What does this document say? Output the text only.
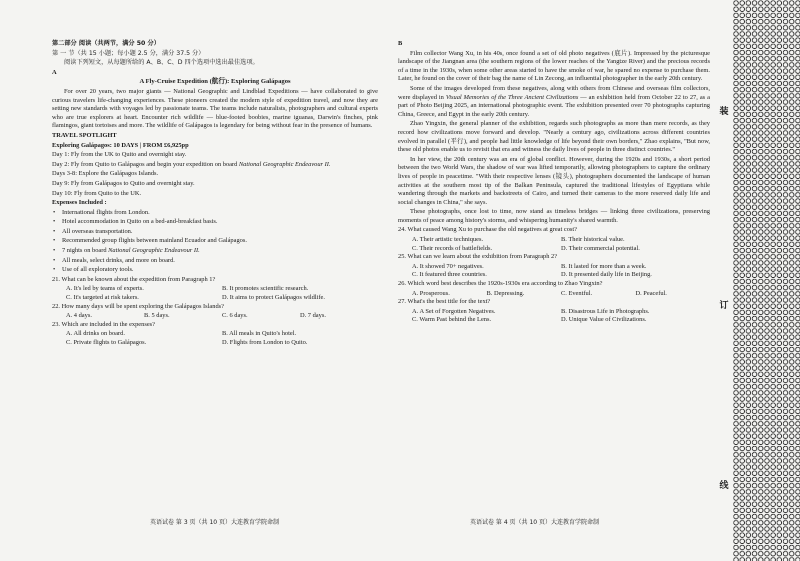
第二部分 阅读（共两节，满分 50 分）

第 一 节（共 15 小题；每小题 2.5 分，满分 37.5 分）

阅读下列短文，从每题所给的 A、B、C、D 四个选项中选出最佳选项。

A

A Fly-Cruise Expedition (航行): Exploring Galápagos

For over 20 years, two major giants — National Geographic and Lindblad Expeditions — have collaborated to give curious travelers life-changing experiences. These pioneers created the modern style of expedition travel, and now they are setting new standards with voyages led by passionate teams. The teams include naturalists, photographers and cultural experts who are true explorers at heart. Encounter rich wildlife — blue-footed boobies, marine iguanas, Darwin's finches, pink flamingos, giant tortoises and more. The wildlife of Galápagos is legendary for being without fear in the presence of humans.

TRAVEL SPOTLIGHT

Exploring Galápagos: 10 DAYS | FROM £6,925pp

Day 1: Fly from the UK to Quito and overnight stay.

Day 2: Fly from Quito to Galápagos and begin your expedition on board National Geographic Endeavour II.

Days 3-8: Explore the Galápagos Islands.

Day 9: Fly from Galápagos to Quito and overnight stay.

Day 10: Fly from Quito to the UK.

Expenses Included :

• International flights from London.

• Hotel accommodation in Quito on a bed-and-breakfast basis.

• All overseas transportation.

• Recommended group flights between mainland Ecuador and Galápagos.

• 7 nights on board National Geographic Endeavour II.

• All meals, select drinks, and more on board.

• Use of all exploratory tools.

21. What can be known about the expedition from Paragraph 1?

A. It's led by teams of experts.	B. It promotes scientific research.
C. It's targeted at risk takers.	D. It aims to protect Galápagos wildlife.

22. How many days will be spent exploring the Galápagos Islands?

A. 4 days.	B. 5 days.	C. 6 days.	D. 7 days.

23. Which are included in the expenses?

A. All drinks on board.	B. All meals in Quito's hotel.
C. Private flights to Galápagos.	D. Flights from London to Quito.

B

Film collector Wang Xu, in his 40s, once found a set of old photo negatives (底片). Impressed by the picturesque landscape of the Jiangnan area (the southern regions of the lower reaches of the Yangtze River) and the precious records of a time in the 1930s, when some other areas started to have the smoke of war, he spared no expense to purchase them. Later, he found on the cover of their bag the name of Lin Zecong, an influential photographer in the early 20th century.

Some of the images developed from these negatives, along with others from Chinese and overseas film collectors, were displayed in Visual Memories of the Three Ancient Civilizations — an exhibition held from October 22 to 27, as a part of Photo Beijing 2025, an international photographic event. The exhibition presented over 70 photographs capturing China, Greece, and Egypt in the early 20th century.

Zhao Yingxin, the general planner of the exhibition, regards such photographs as more than mere records, as they record how civilizations move forward and develop. "Nearly a century ago, civilizations across different countries evolved in parallel (平行), and people had little knowledge of life beyond their own borders," Zhao explains, "But now, these old photos enable us to revisit that era and witness the daily lives of people in three distinct countries."

In her view, the 20th century was an era of global conflict. However, during the 1920s and 1930s, a short period between the two World Wars, the shadow of war was lifted temporarily, allowing photographers to capture the ordinary lives of people in peacetime. "With their respective lenses (镜头), photographers documented the landscape of human activities at the southern most tip of the Balkan Peninsula, captured the traditional lifestyles of Egyptians while wandering through the markets and backstreets of Cairo, and turned their cameras to the more reserved daily life and social changes in China," she says.

These photographs, once lost to time, now stand as timeless bridges — linking three civilizations, preserving moments of peace among history's storms, and whispering humanity's shared warmth.

24. What caused Wang Xu to purchase the old negatives at great cost?

A. Their artistic techniques.	B. Their historical value.
C. Their records of battlefields.	D. Their commercial potential.

25. What can we learn about the exhibition from Paragraph 2?

A. It showed 70+ negatives.	B. It lasted for more than a week.
C. It featured three countries.	D. It presented daily life in Beijing.

26. Which word best describes the 1920s-1930s era according to Zhao Yingxin?

A. Prosperous.	B. Depressing.	C. Eventful.	D. Peaceful.

27. What's the best title for the text?

A. A Set of Forgotten Negatives.	B. Disastrous Life in Photographs.
C. Warm Past behind the Lens.	D. Unique Value of Civilizations.
英语试卷 第 3 页（共 10 页）大连教育学院命制	英语试卷 第 4 页（共 10 页）大连教育学院命制
装
订
线
